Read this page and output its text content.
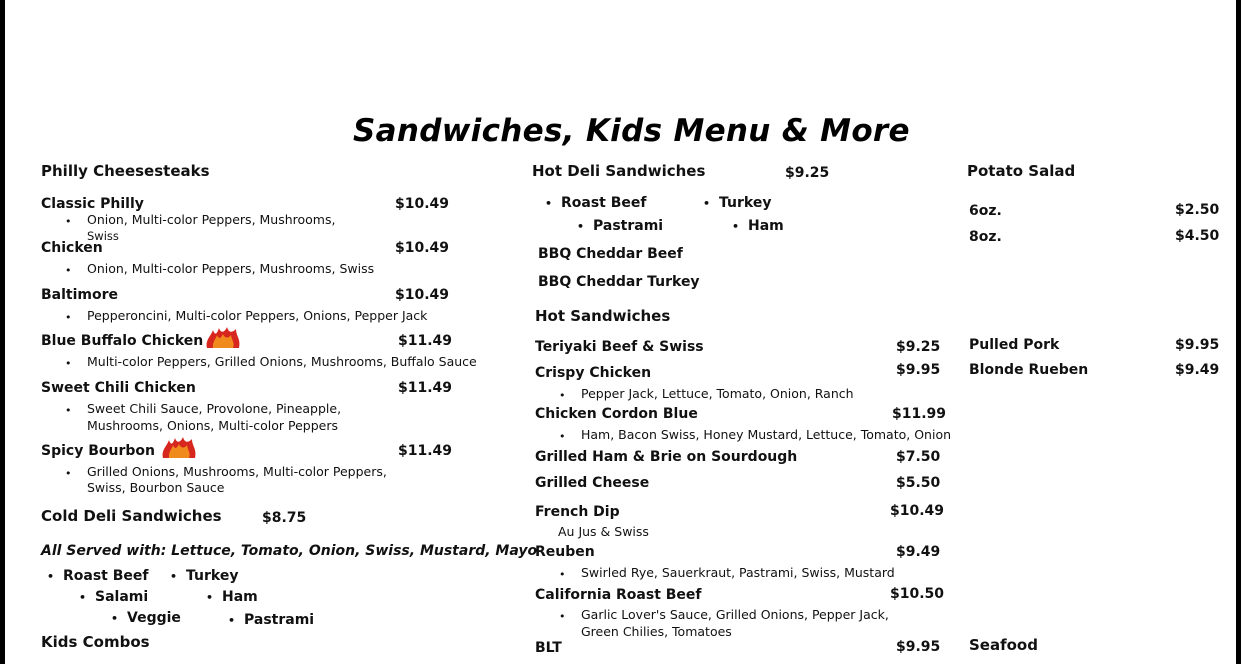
Sandwiches, Kids Menu & More
Philly Cheesesteaks
Classic Philly	$10.49
• Onion, Multi-color Peppers, Mushrooms,
Swiss
Chicken	$10.49
• Onion, Multi-color Peppers, Mushrooms, Swiss
Baltimore	$10.49
• Pepperoncini, Multi-color Peppers, Onions, Pepper Jack
Blue Buffalo Chicken	$11.49
• Multi-color Peppers, Grilled Onions, Mushrooms, Buffalo Sauce
Sweet Chili Chicken	$11.49
• Sweet Chili Sauce, Provolone, Pineapple,
Mushrooms, Onions, Multi-color Peppers
Spicy Bourbon	$11.49
• Grilled Onions, Mushrooms, Multi-color Peppers,
Swiss, Bourbon Sauce
Cold Deli Sandwiches	$8.75
All Served with: Lettuce, Tomato, Onion, Swiss, Mustard, Mayo
• Roast Beef	• Turkey
• Salami	• Ham
• Veggie	• Pastrami
Kids Combos
Hot Deli Sandwiches	$9.25
• Roast Beef	• Turkey
• Pastrami	• Ham
BBQ Cheddar Beef
BBQ Cheddar Turkey
Hot Sandwiches
Teriyaki Beef & Swiss	$9.25
Crispy Chicken	$9.95
• Pepper Jack, Lettuce, Tomato, Onion, Ranch
Chicken Cordon Blue	$11.99
• Ham, Bacon Swiss, Honey Mustard, Lettuce, Tomato, Onion
Grilled Ham & Brie on Sourdough	$7.50
Grilled Cheese	$5.50
French Dip	$10.49
Au Jus & Swiss
Reuben	$9.49
• Swirled Rye, Sauerkraut, Pastrami, Swiss, Mustard
California Roast Beef	$10.50
• Garlic Lover's Sauce, Grilled Onions, Pepper Jack,
Green Chilies, Tomatoes
BLT	$9.95
Potato Salad
6oz.	$2.50
8oz.	$4.50
Pulled Pork	$9.95
Blonde Rueben	$9.49
Seafood
